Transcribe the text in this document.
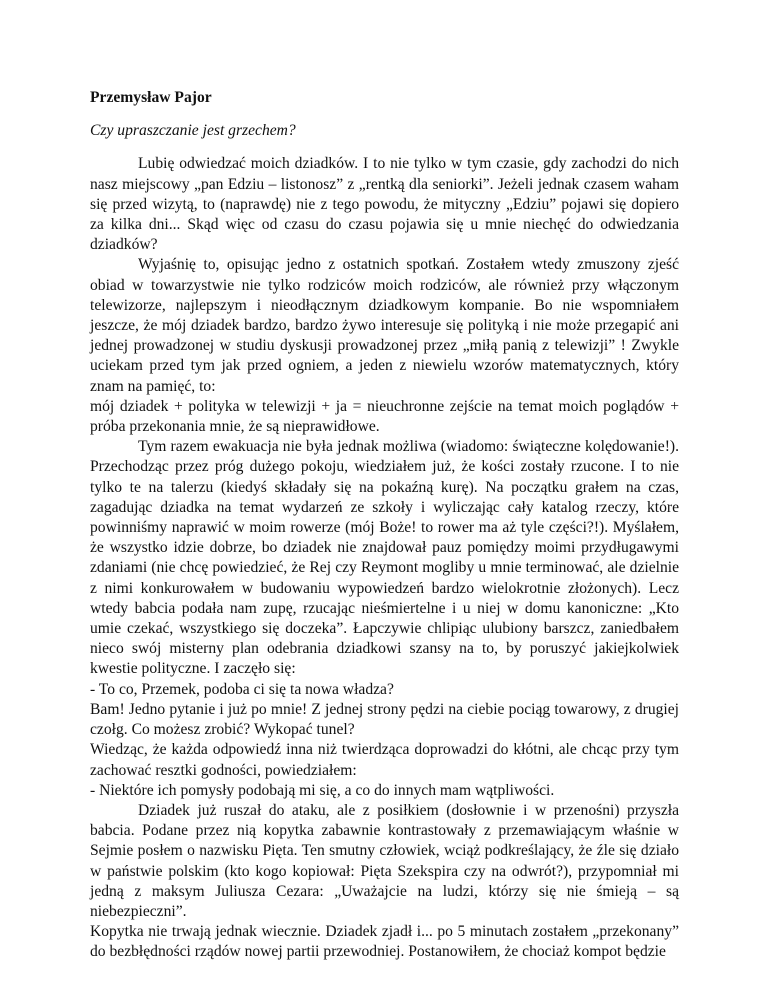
Przemysław Pajor

Czy upraszczanie jest grzechem?

Lubię odwiedzać moich dziadków. I to nie tylko w tym czasie, gdy zachodzi do nich nasz miejscowy „pan Edziu – listonosz” z „rentką dla seniorki”. Jeżeli jednak czasem waham się przed wizytą, to (naprawdę) nie z tego powodu, że mityczny „Edziu” pojawi się dopiero za kilka dni... Skąd więc od czasu do czasu pojawia się u mnie niechęć do odwiedzania dziadków?

Wyjaśnię to, opisując jedno z ostatnich spotkań. Zostałem wtedy zmuszony zjeść obiad w towarzystwie nie tylko rodziców moich rodziców, ale również przy włączonym telewizorze, najlepszym i nieodłącznym dziadkowym kompanie. Bo nie wspomniałem jeszcze, że mój dziadek bardzo, bardzo żywo interesuje się polityką i nie może przegapić ani jednej prowadzonej w studiu dyskusji prowadzonej przez „miłą panią z telewizji” ! Zwykle uciekam przed tym jak przed ogniem, a jeden z niewielu wzorów matematycznych, który znam na pamięć, to:

mój dziadek + polityka w telewizji + ja = nieuchronne zejście na temat moich poglądów + próba przekonania mnie, że są nieprawidłowe.

Tym razem ewakuacja nie była jednak możliwa (wiadomo: świąteczne kolędowanie!). Przechodząc przez próg dużego pokoju, wiedziałem już, że kości zostały rzucone. I to nie tylko te na talerzu (kiedyś składały się na pokaźną kurę). Na początku grałem na czas, zagadując dziadka na temat wydarzeń ze szkoły i wyliczając cały katalog rzeczy, które powinniśmy naprawić w moim rowerze (mój Boże! to rower ma aż tyle części?!). Myślałem, że wszystko idzie dobrze, bo dziadek nie znajdował pauz pomiędzy moimi przydługawymi zdaniami (nie chcę powiedzieć, że Rej czy Reymont mogliby u mnie terminować, ale dzielnie z nimi konkurowałem w budowaniu wypowiedzeń bardzo wielokrotnie złożonych). Lecz wtedy babcia podała nam zupę, rzucając nieśmiertelne i u niej w domu kanoniczne: „Kto umie czekać, wszystkiego się doczeka”. Łapczywie chlipiąc ulubiony barszcz, zaniedbałem nieco swój misterny plan odebrania dziadkowi szansy na to, by poruszyć jakiejkolwiek kwestie polityczne. I zaczęło się:

- To co, Przemek, podoba ci się ta nowa władza?

Bam! Jedno pytanie i już po mnie! Z jednej strony pędzi na ciebie pociąg towarowy, z drugiej czołg. Co możesz zrobić? Wykopać tunel?

Wiedząc, że każda odpowiedź inna niż twierdząca doprowadzi do kłótni, ale chcąc przy tym zachować resztki godności, powiedziałem:

- Niektóre ich pomysły podobają mi się, a co do innych mam wątpliwości.

Dziadek już ruszał do ataku, ale z posiłkiem (dosłownie i w przenośni) przyszła babcia. Podane przez nią kopytka zabawnie kontrastowały z przemawiającym właśnie w Sejmie posłem o nazwisku Pięta. Ten smutny człowiek, wciąż podkreślający, że źle się działo w państwie polskim (kto kogo kopiował: Pięta Szekspira czy na odwrót?), przypomniał mi jedną z maksym Juliusza Cezara: „Uważajcie na ludzi, którzy się nie śmieją – są niebezpieczni”.

Kopytka nie trwają jednak wiecznie. Dziadek zjadł i... po 5 minutach zostałem „przekonany” do bezbłędności rządów nowej partii przewodniej. Postanowiłem, że chociaż kompot będzie
